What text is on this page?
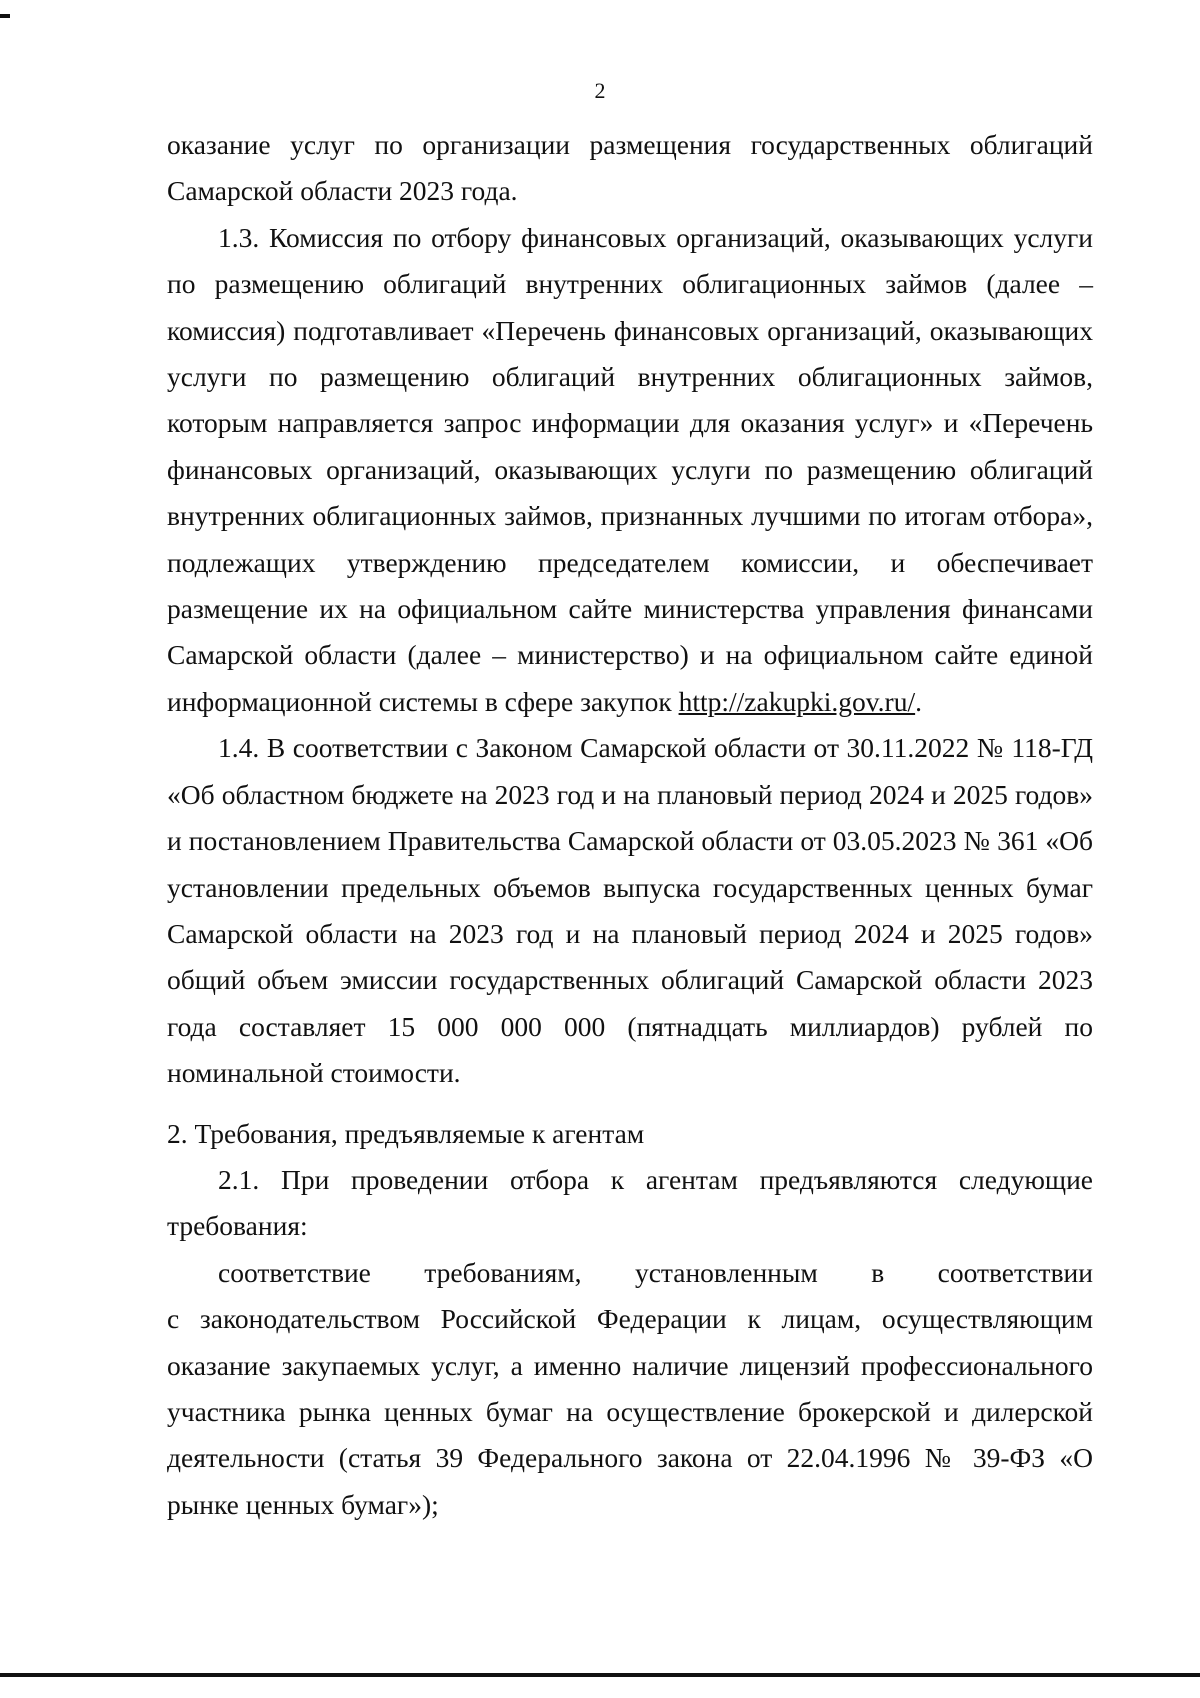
2

оказание услуг по организации размещения государственных облигаций Самарской области 2023 года.

1.3. Комиссия по отбору финансовых организаций, оказывающих услуги по размещению облигаций внутренних облигационных займов (далее – комиссия) подготавливает «Перечень финансовых организаций, оказывающих услуги по размещению облигаций внутренних облигационных займов, которым направляется запрос информации для оказания услуг» и «Перечень финансовых организаций, оказывающих услуги по размещению облигаций внутренних облигационных займов, признанных лучшими по итогам отбора», подлежащих утверждению председателем комиссии, и обеспечивает размещение их на официальном сайте министерства управления финансами Самарской области (далее – министерство) и на официальном сайте единой информационной системы в сфере закупок http://zakupki.gov.ru/.

1.4. В соответствии с Законом Самарской области от 30.11.2022 № 118-ГД «Об областном бюджете на 2023 год и на плановый период 2024 и 2025 годов» и постановлением Правительства Самарской области от 03.05.2023 № 361 «Об установлении предельных объемов выпуска государственных ценных бумаг Самарской области на 2023 год и на плановый период 2024 и 2025 годов» общий объем эмиссии государственных облигаций Самарской области 2023 года составляет 15 000 000 000 (пятнадцать миллиардов) рублей по номинальной стоимости.

2. Требования, предъявляемые к агентам

2.1. При проведении отбора к агентам предъявляются следующие требования:

соответствие требованиям, установленным в соответствии

с законодательством Российской Федерации к лицам, осуществляющим оказание закупаемых услуг, а именно наличие лицензий профессионального участника рынка ценных бумаг на осуществление брокерской и дилерской деятельности (статья 39 Федерального закона от 22.04.1996 № 39-ФЗ «О рынке ценных бумаг»);
